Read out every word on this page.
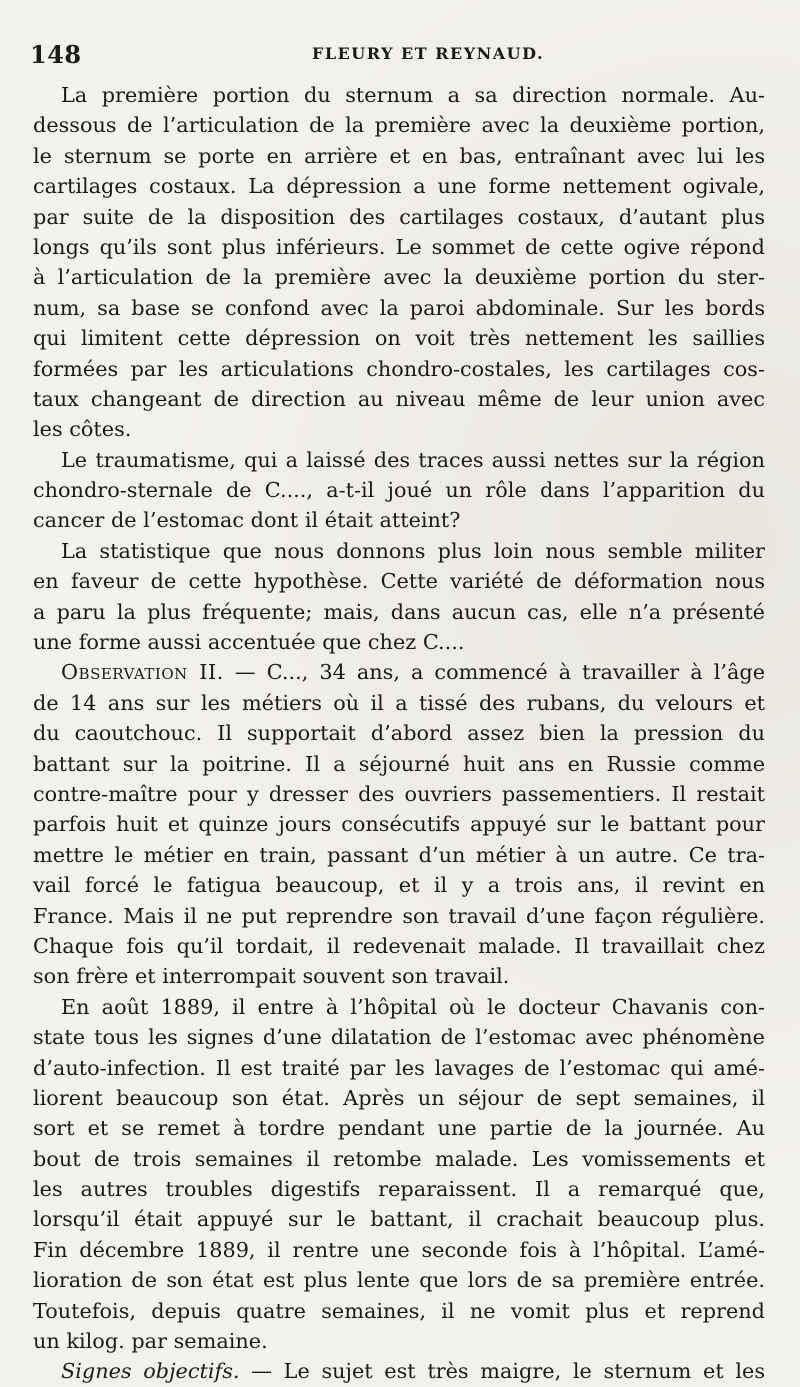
148	FLEURY ET REYNAUD.
La première portion du sternum a sa direction normale. Au-
dessous de l’articulation de la première avec la deuxième portion,
le sternum se porte en arrière et en bas, entraînant avec lui les
cartilages costaux. La dépression a une forme nettement ogivale,
par suite de la disposition des cartilages costaux, d’autant plus
longs qu’ils sont plus inférieurs. Le sommet de cette ogive répond
à l’articulation de la première avec la deuxième portion du ster-
num, sa base se confond avec la paroi abdominale. Sur les bords
qui limitent cette dépression on voit très nettement les saillies
formées par les articulations chondro-costales, les cartilages cos-
taux changeant de direction au niveau même de leur union avec
les côtes.
Le traumatisme, qui a laissé des traces aussi nettes sur la région
chondro-sternale de C...., a-t-il joué un rôle dans l’apparition du
cancer de l’estomac dont il était atteint?
La statistique que nous donnons plus loin nous semble militer
en faveur de cette hypothèse. Cette variété de déformation nous
a paru la plus fréquente; mais, dans aucun cas, elle n’a présenté
une forme aussi accentuée que chez C....
Observation II. — C..., 34 ans, a commencé à travailler à l’âge
de 14 ans sur les métiers où il a tissé des rubans, du velours et
du caoutchouc. Il supportait d’abord assez bien la pression du
battant sur la poitrine. Il a séjourné huit ans en Russie comme
contre-maître pour y dresser des ouvriers passementiers. Il restait
parfois huit et quinze jours consécutifs appuyé sur le battant pour
mettre le métier en train, passant d’un métier à un autre. Ce tra-
vail forcé le fatigua beaucoup, et il y a trois ans, il revint en
France. Mais il ne put reprendre son travail d’une façon régulière.
Chaque fois qu’il tordait, il redevenait malade. Il travaillait chez
son frère et interrompait souvent son travail.
En août 1889, il entre à l’hôpital où le docteur Chavanis con-
state tous les signes d’une dilatation de l’estomac avec phénomène
d’auto-infection. Il est traité par les lavages de l’estomac qui amé-
liorent beaucoup son état. Après un séjour de sept semaines, il
sort et se remet à tordre pendant une partie de la journée. Au
bout de trois semaines il retombe malade. Les vomissements et
les autres troubles digestifs reparaissent. Il a remarqué que,
lorsqu’il était appuyé sur le battant, il crachait beaucoup plus.
Fin décembre 1889, il rentre une seconde fois à l’hôpital. L’amé-
lioration de son état est plus lente que lors de sa première entrée.
Toutefois, depuis quatre semaines, il ne vomit plus et reprend
un kilog. par semaine.
Signes objectifs. — Le sujet est très maigre, le sternum et les
